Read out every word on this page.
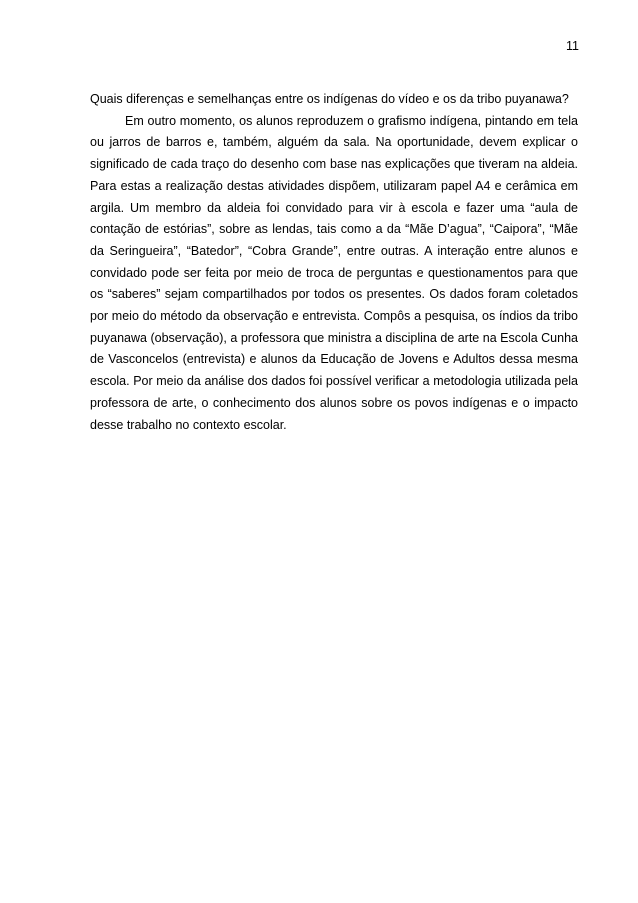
11

Quais diferenças e semelhanças entre os indígenas do vídeo e os da tribo puyanawa?

Em outro momento, os alunos reproduzem o grafismo indígena, pintando em tela ou jarros de barros e, também, alguém da sala. Na oportunidade, devem explicar o significado de cada traço do desenho com base nas explicações que tiveram na aldeia. Para estas a realização destas atividades dispõem, utilizaram papel A4 e cerâmica em argila. Um membro da aldeia foi convidado para vir à escola e fazer uma “aula de contação de estórias”, sobre as lendas, tais como a da “Mãe D’agua”, “Caipora”, “Mãe da Seringueira”, “Batedor”, “Cobra Grande”, entre outras. A interação entre alunos e convidado pode ser feita por meio de troca de perguntas e questionamentos para que os “saberes” sejam compartilhados por todos os presentes. Os dados foram coletados por meio do método da observação e entrevista. Compôs a pesquisa, os índios da tribo puyanawa (observação), a professora que ministra a disciplina de arte na Escola Cunha de Vasconcelos (entrevista) e alunos da Educação de Jovens e Adultos dessa mesma escola. Por meio da análise dos dados foi possível verificar a metodologia utilizada pela professora de arte, o conhecimento dos alunos sobre os povos indígenas e o impacto desse trabalho no contexto escolar.
